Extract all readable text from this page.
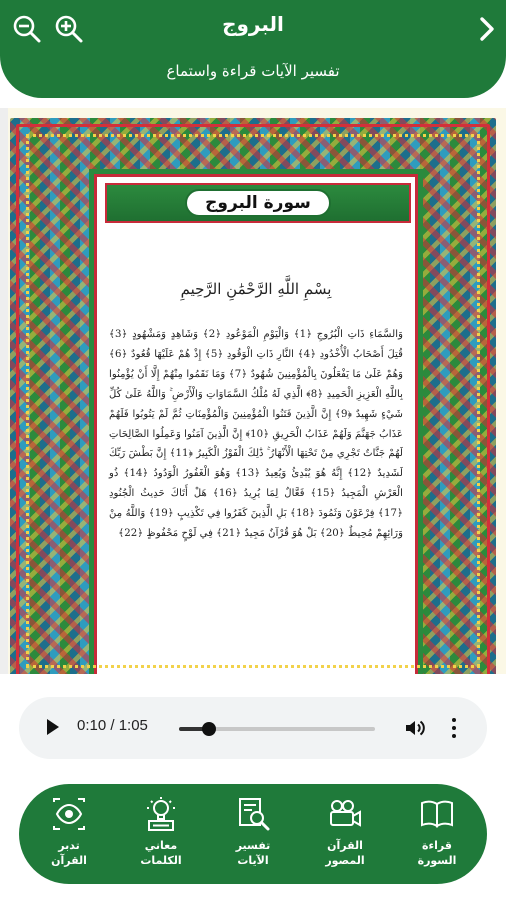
البروج
تفسير الآيات قراءة واستماع
سورة البروج
بِسْمِ اللَّهِ الرَّحْمَٰنِ الرَّحِيمِ
وَالسَّمَاءِ ذَاتِ الْبُرُوجِ ﴿1﴾ وَالْيَوْمِ الْمَوْعُودِ ﴿2﴾ وَشَاهِدٍ وَمَشْهُودٍ ﴿3﴾ قُتِلَ أَصْحَابُ الْأُخْدُودِ ﴿4﴾ النَّارِ ذَاتِ الْوَقُودِ ﴿5﴾ إِذْ هُمْ عَلَيْهَا قُعُودٌ ﴿6﴾ وَهُمْ عَلَىٰ مَا يَفْعَلُونَ بِالْمُؤْمِنِينَ شُهُودٌ ﴿7﴾ وَمَا نَقَمُوا مِنْهُمْ إِلَّا أَنْ يُؤْمِنُوا بِاللَّهِ الْعَزِيزِ الْحَمِيدِ ﴿8﴾ الَّذِي لَهُ مُلْكُ السَّمَاوَاتِ وَالْأَرْضِ ۚ وَاللَّهُ عَلَىٰ كُلِّ شَيْءٍ شَهِيدٌ ﴿9﴾ إِنَّ الَّذِينَ فَتَنُوا الْمُؤْمِنِينَ وَالْمُؤْمِنَاتِ ثُمَّ لَمْ يَتُوبُوا فَلَهُمْ عَذَابُ جَهَنَّمَ وَلَهُمْ عَذَابُ الْحَرِيقِ ﴿10﴾ إِنَّ الَّذِينَ آمَنُوا وَعَمِلُوا الصَّالِحَاتِ لَهُمْ جَنَّاتٌ تَجْرِي مِنْ تَحْتِهَا الْأَنْهَارُ ۚ ذَٰلِكَ الْفَوْزُ الْكَبِيرُ ﴿11﴾ إِنَّ بَطْشَ رَبِّكَ لَشَدِيدٌ ﴿12﴾ إِنَّهُ هُوَ يُبْدِئُ وَيُعِيدُ ﴿13﴾ وَهُوَ الْغَفُورُ الْوَدُودُ ﴿14﴾ ذُو الْعَرْشِ الْمَجِيدُ ﴿15﴾ فَعَّالٌ لِمَا يُرِيدُ ﴿16﴾ هَلْ أَتَاكَ حَدِيثُ الْجُنُودِ ﴿17﴾ فِرْعَوْنَ وَثَمُودَ ﴿18﴾ بَلِ الَّذِينَ كَفَرُوا فِي تَكْذِيبٍ ﴿19﴾ وَاللَّهُ مِنْ وَرَائِهِمْ مُحِيطٌ ﴿20﴾ بَلْ هُوَ قُرْآنٌ مَجِيدٌ ﴿21﴾ فِي لَوْحٍ مَحْفُوظٍ ﴿22﴾
0:10 / 1:05
تدبر
القرآن
معاني
الكلمات
تفسير
الآيات
القرآن
المصور
قراءة
السورة
